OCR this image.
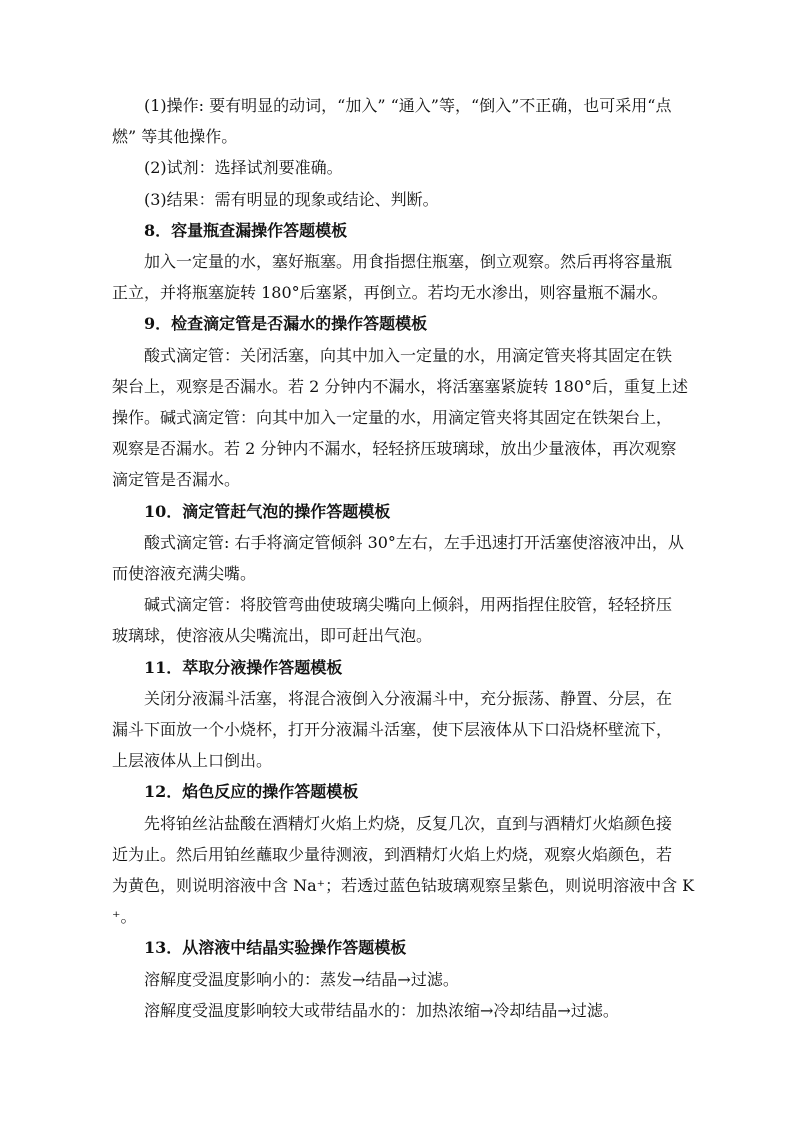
(1)操作: 要有明显的动词，“加入” “通入”等，“倒入”不正确，也可采用“点
燃” 等其他操作。
(2)试剂：选择试剂要准确。
(3)结果：需有明显的现象或结论、判断。
8．容量瓶查漏操作答题模板
加入一定量的水，塞好瓶塞。用食指摁住瓶塞，倒立观察。然后再将容量瓶
正立，并将瓶塞旋转 180°后塞紧，再倒立。若均无水渗出，则容量瓶不漏水。
9．检查滴定管是否漏水的操作答题模板
酸式滴定管：关闭活塞，向其中加入一定量的水，用滴定管夹将其固定在铁
架台上，观察是否漏水。若 2 分钟内不漏水，将活塞塞紧旋转 180°后，重复上述
操作。碱式滴定管：向其中加入一定量的水，用滴定管夹将其固定在铁架台上，
观察是否漏水。若 2 分钟内不漏水，轻轻挤压玻璃球，放出少量液体，再次观察
滴定管是否漏水。
10．滴定管赶气泡的操作答题模板
酸式滴定管: 右手将滴定管倾斜 30°左右，左手迅速打开活塞使溶液冲出，从
而使溶液充满尖嘴。
碱式滴定管：将胶管弯曲使玻璃尖嘴向上倾斜，用两指捏住胶管，轻轻挤压
玻璃球，使溶液从尖嘴流出，即可赶出气泡。
11．萃取分液操作答题模板
关闭分液漏斗活塞，将混合液倒入分液漏斗中，充分振荡、静置、分层，在
漏斗下面放一个小烧杯，打开分液漏斗活塞，使下层液体从下口沿烧杯壁流下，
上层液体从上口倒出。
12．焰色反应的操作答题模板
先将铂丝沾盐酸在酒精灯火焰上灼烧，反复几次，直到与酒精灯火焰颜色接
近为止。然后用铂丝蘸取少量待测液，到酒精灯火焰上灼烧，观察火焰颜色，若
为黄色，则说明溶液中含 Na⁺；若透过蓝色钴玻璃观察呈紫色，则说明溶液中含 K
⁺。
13．从溶液中结晶实验操作答题模板
溶解度受温度影响小的：蒸发→结晶→过滤。
溶解度受温度影响较大或带结晶水的：加热浓缩→冷却结晶→过滤。
